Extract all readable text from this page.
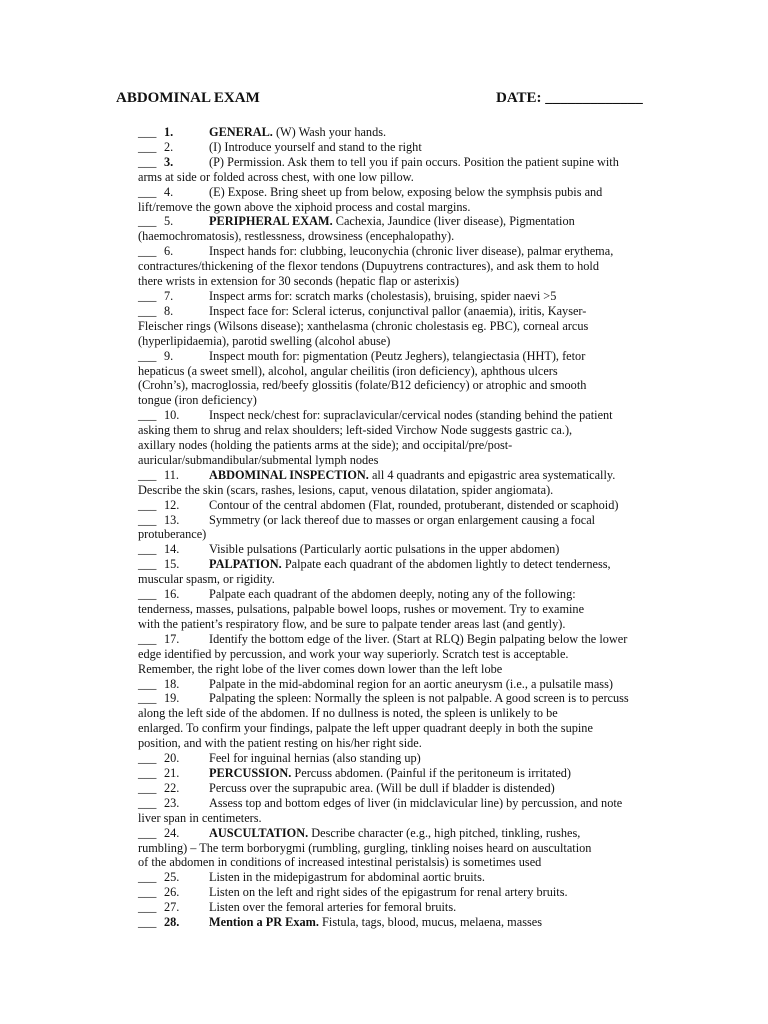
ABDOMINAL EXAM	DATE: _____________
___ 1.	GENERAL. (W) Wash your hands.
___ 2.	(I) Introduce yourself and stand to the right
___ 3.	(P) Permission. Ask them to tell you if pain occurs. Position the patient supine with
arms at side or folded across chest, with one low pillow.
___ 4.	(E) Expose. Bring sheet up from below, exposing below the symphsis pubis and
lift/remove the gown above the xiphoid process and costal margins.
___ 5.	PERIPHERAL EXAM. Cachexia, Jaundice (liver disease), Pigmentation
(haemochromatosis), restlessness, drowsiness (encephalopathy).
___ 6.	Inspect hands for: clubbing, leuconychia (chronic liver disease), palmar erythema,
contractures/thickening of the flexor tendons (Dupuytrens contractures), and ask them to hold
there wrists in extension for 30 seconds (hepatic flap or asterixis)
___ 7.	Inspect arms for: scratch marks (cholestasis), bruising, spider naevi >5
___ 8.	Inspect face for: Scleral icterus, conjunctival pallor (anaemia), iritis, Kayser-
Fleischer rings (Wilsons disease); xanthelasma (chronic cholestasis eg. PBC), corneal arcus
(hyperlipidaemia), parotid swelling (alcohol abuse)
___ 9.	Inspect mouth for: pigmentation (Peutz Jeghers), telangiectasia (HHT), fetor
hepaticus (a sweet smell), alcohol, angular cheilitis (iron deficiency), aphthous ulcers
(Crohn’s), macroglossia, red/beefy glossitis (folate/B12 deficiency) or atrophic and smooth
tongue (iron deficiency)
___ 10. Inspect neck/chest for: supraclavicular/cervical nodes (standing behind the patient
asking them to shrug and relax shoulders; left-sided Virchow Node suggests gastric ca.),
axillary nodes (holding the patients arms at the side); and occipital/pre/post-
auricular/submandibular/submental lymph nodes
___ 11. ABDOMINAL INSPECTION. all 4 quadrants and epigastric area systematically.
Describe the skin (scars, rashes, lesions, caput, venous dilatation, spider angiomata).
___ 12. Contour of the central abdomen (Flat, rounded, protuberant, distended or scaphoid)
___ 13. Symmetry (or lack thereof due to masses or organ enlargement causing a focal
protuberance)
___ 14. Visible pulsations (Particularly aortic pulsations in the upper abdomen)
___ 15. PALPATION. Palpate each quadrant of the abdomen lightly to detect tenderness,
muscular spasm, or rigidity.
___ 16. Palpate each quadrant of the abdomen deeply, noting any of the following:
tenderness, masses, pulsations, palpable bowel loops, rushes or movement. Try to examine
with the patient’s respiratory flow, and be sure to palpate tender areas last (and gently).
___ 17. Identify the bottom edge of the liver. (Start at RLQ) Begin palpating below the lower
edge identified by percussion, and work your way superiorly. Scratch test is acceptable.
Remember, the right lobe of the liver comes down lower than the left lobe
___ 18. Palpate in the mid-abdominal region for an aortic aneurysm (i.e., a pulsatile mass)
___ 19. Palpating the spleen: Normally the spleen is not palpable. A good screen is to percuss
along the left side of the abdomen. If no dullness is noted, the spleen is unlikely to be
enlarged. To confirm your findings, palpate the left upper quadrant deeply in both the supine
position, and with the patient resting on his/her right side.
___ 20. Feel for inguinal hernias (also standing up)
___ 21. PERCUSSION. Percuss abdomen. (Painful if the peritoneum is irritated)
___ 22. Percuss over the suprapubic area. (Will be dull if bladder is distended)
___ 23. Assess top and bottom edges of liver (in midclavicular line) by percussion, and note
liver span in centimeters.
___ 24. AUSCULTATION. Describe character (e.g., high pitched, tinkling, rushes,
rumbling) – The term borborygmi (rumbling, gurgling, tinkling noises heard on auscultation
of the abdomen in conditions of increased intestinal peristalsis) is sometimes used
___ 25. Listen in the midepigastrum for abdominal aortic bruits.
___ 26. Listen on the left and right sides of the epigastrum for renal artery bruits.
___ 27. Listen over the femoral arteries for femoral bruits.
___ 28. Mention a PR Exam. Fistula, tags, blood, mucus, melaena, masses
